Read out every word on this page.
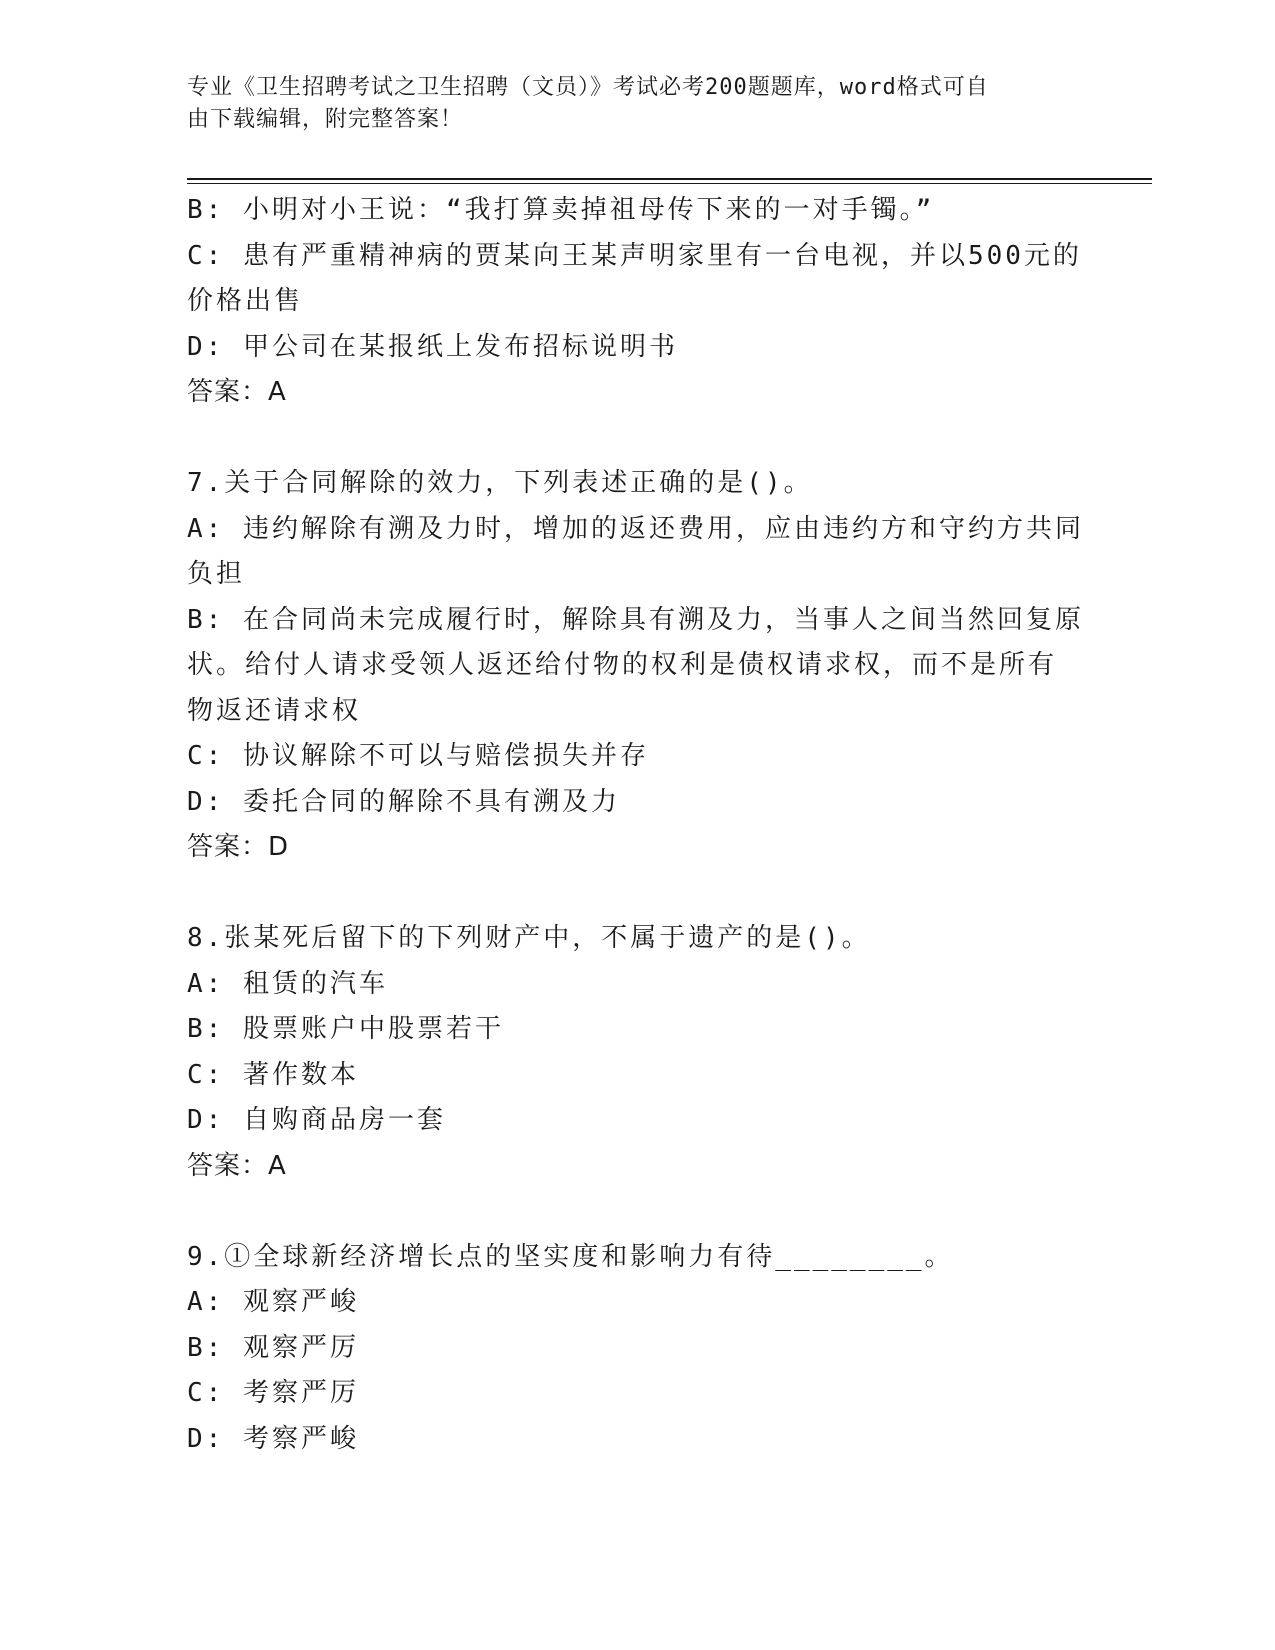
专业《卫生招聘考试之卫生招聘（文员）》考试必考200题题库，word格式可自
由下载编辑，附完整答案！
B: 小明对小王说：“我打算卖掉祖母传下来的一对手镯。”
C: 患有严重精神病的贾某向王某声明家里有一台电视，并以500元的
价格出售
D: 甲公司在某报纸上发布招标说明书
答案：A
7.关于合同解除的效力，下列表述正确的是()。
A: 违约解除有溯及力时，增加的返还费用，应由违约方和守约方共同
负担
B: 在合同尚未完成履行时，解除具有溯及力，当事人之间当然回复原
状。给付人请求受领人返还给付物的权利是债权请求权，而不是所有
物返还请求权
C: 协议解除不可以与赔偿损失并存
D: 委托合同的解除不具有溯及力
答案：D
8.张某死后留下的下列财产中，不属于遗产的是()。
A: 租赁的汽车
B: 股票账户中股票若干
C: 著作数本
D: 自购商品房一套
答案：A
9.①全球新经济增长点的坚实度和影响力有待________。
A: 观察严峻
B: 观察严厉
C: 考察严厉
D: 考察严峻
